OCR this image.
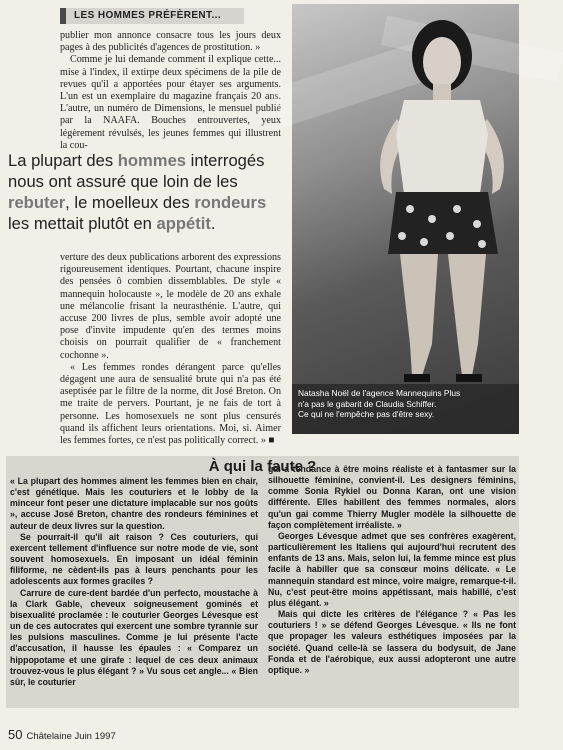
LES HOMMES PRÉFÈRENT...

publier mon annonce consacre tous les jours deux pages à des publicités d'agences de prostitution. »

Comme je lui demande comment il explique cette... mise à l'index, il extirpe deux spécimens de la pile de revues qu'il a apportées pour étayer ses arguments. L'un est un exemplaire du magazine français 20 ans. L'autre, un numéro de Dimensions, le mensuel publié par la NAAFA. Bouches entrouvertes, yeux légèrement révulsés, les jeunes femmes qui illustrent la cou-

La plupart des hommes interrogés nous ont assuré que loin de les rebuter, le moelleux des rondeurs les mettait plutôt en appétit.

verture des deux publications arborent des expressions rigoureusement identiques. Pourtant, chacune inspire des pensées ô combien dissemblables. De style « mannequin holocauste », le modèle de 20 ans exhale une mélancolie frisant la neurasthénie. L'autre, qui accuse 200 livres de plus, semble avoir adopté une pose d'invite impudente qu'en des termes moins choisis on pourrait qualifier de « franchement cochonne ».

« Les femmes rondes dérangent parce qu'elles dégagent une aura de sensualité brute qui n'a pas été aseptisée par le filtre de la norme, dit José Breton. On me traite de pervers. Pourtant, je ne fais de tort à personne. Les homosexuels ne sont plus censurés quand ils affichent leurs orientations. Moi, si. Aimer les femmes fortes, ce n'est pas politically correct. » ■

Natasha Noël de l'agence Mannequins Plus
n'a pas le gabarit de Claudia Schiffer.
Ce qui ne l'empêche pas d'être sexy.
À qui la faute ?

« La plupart des hommes aiment les femmes bien en chair, c'est génétique. Mais les couturiers et le lobby de la minceur font peser une dictature implacable sur nos goûts », accuse José Breton, chantre des rondeurs féminines et auteur de deux livres sur la question.

Se pourrait-il qu'il ait raison ? Ces couturiers, qui exercent tellement d'influence sur notre mode de vie, sont souvent homosexuels. En imposant un idéal féminin filiforme, ne cèdent-ils pas à leurs penchants pour les adolescents aux formes graciles ?

Carrure de cure-dent bardée d'un perfecto, moustache à la Clark Gable, cheveux soigneusement gominés et bisexualité proclamée : le couturier Georges Lévesque est un de ces autocrates qui exercent une sombre tyrannie sur les pulsions masculines. Comme je lui présente l'acte d'accusation, il hausse les épaules : « Comparez un hippopotame et une girafe : lequel de ces deux animaux trouvez-vous le plus élégant ? » Vu sous cet angle... « Bien sûr, le couturier

gai a tendance à être moins réaliste et à fantasmer sur la silhouette féminine, convient-il. Les designers féminins, comme Sonia Rykiel ou Donna Karan, ont une vision différente. Elles habillent des femmes normales, alors qu'un gai comme Thierry Mugler modèle la silhouette de façon complètement irréaliste. »

Georges Lévesque admet que ses confrères exagèrent, particulièrement les Italiens qui aujourd'hui recrutent des enfants de 13 ans. Mais, selon lui, la femme mince est plus facile à habiller que sa consœur moins délicate. « Le mannequin standard est mince, voire maigre, remarque-t-il. Nu, c'est peut-être moins appétissant, mais habillé, c'est plus élégant. »

Mais qui dicte les critères de l'élégance ? « Pas les couturiers ! » se défend Georges Lévesque. « Ils ne font que propager les valeurs esthétiques imposées par la société. Quand celle-là se lassera du bodysuit, de Jane Fonda et de l'aérobique, eux aussi adopteront une autre optique. »

50 Châtelaine Juin 1997
